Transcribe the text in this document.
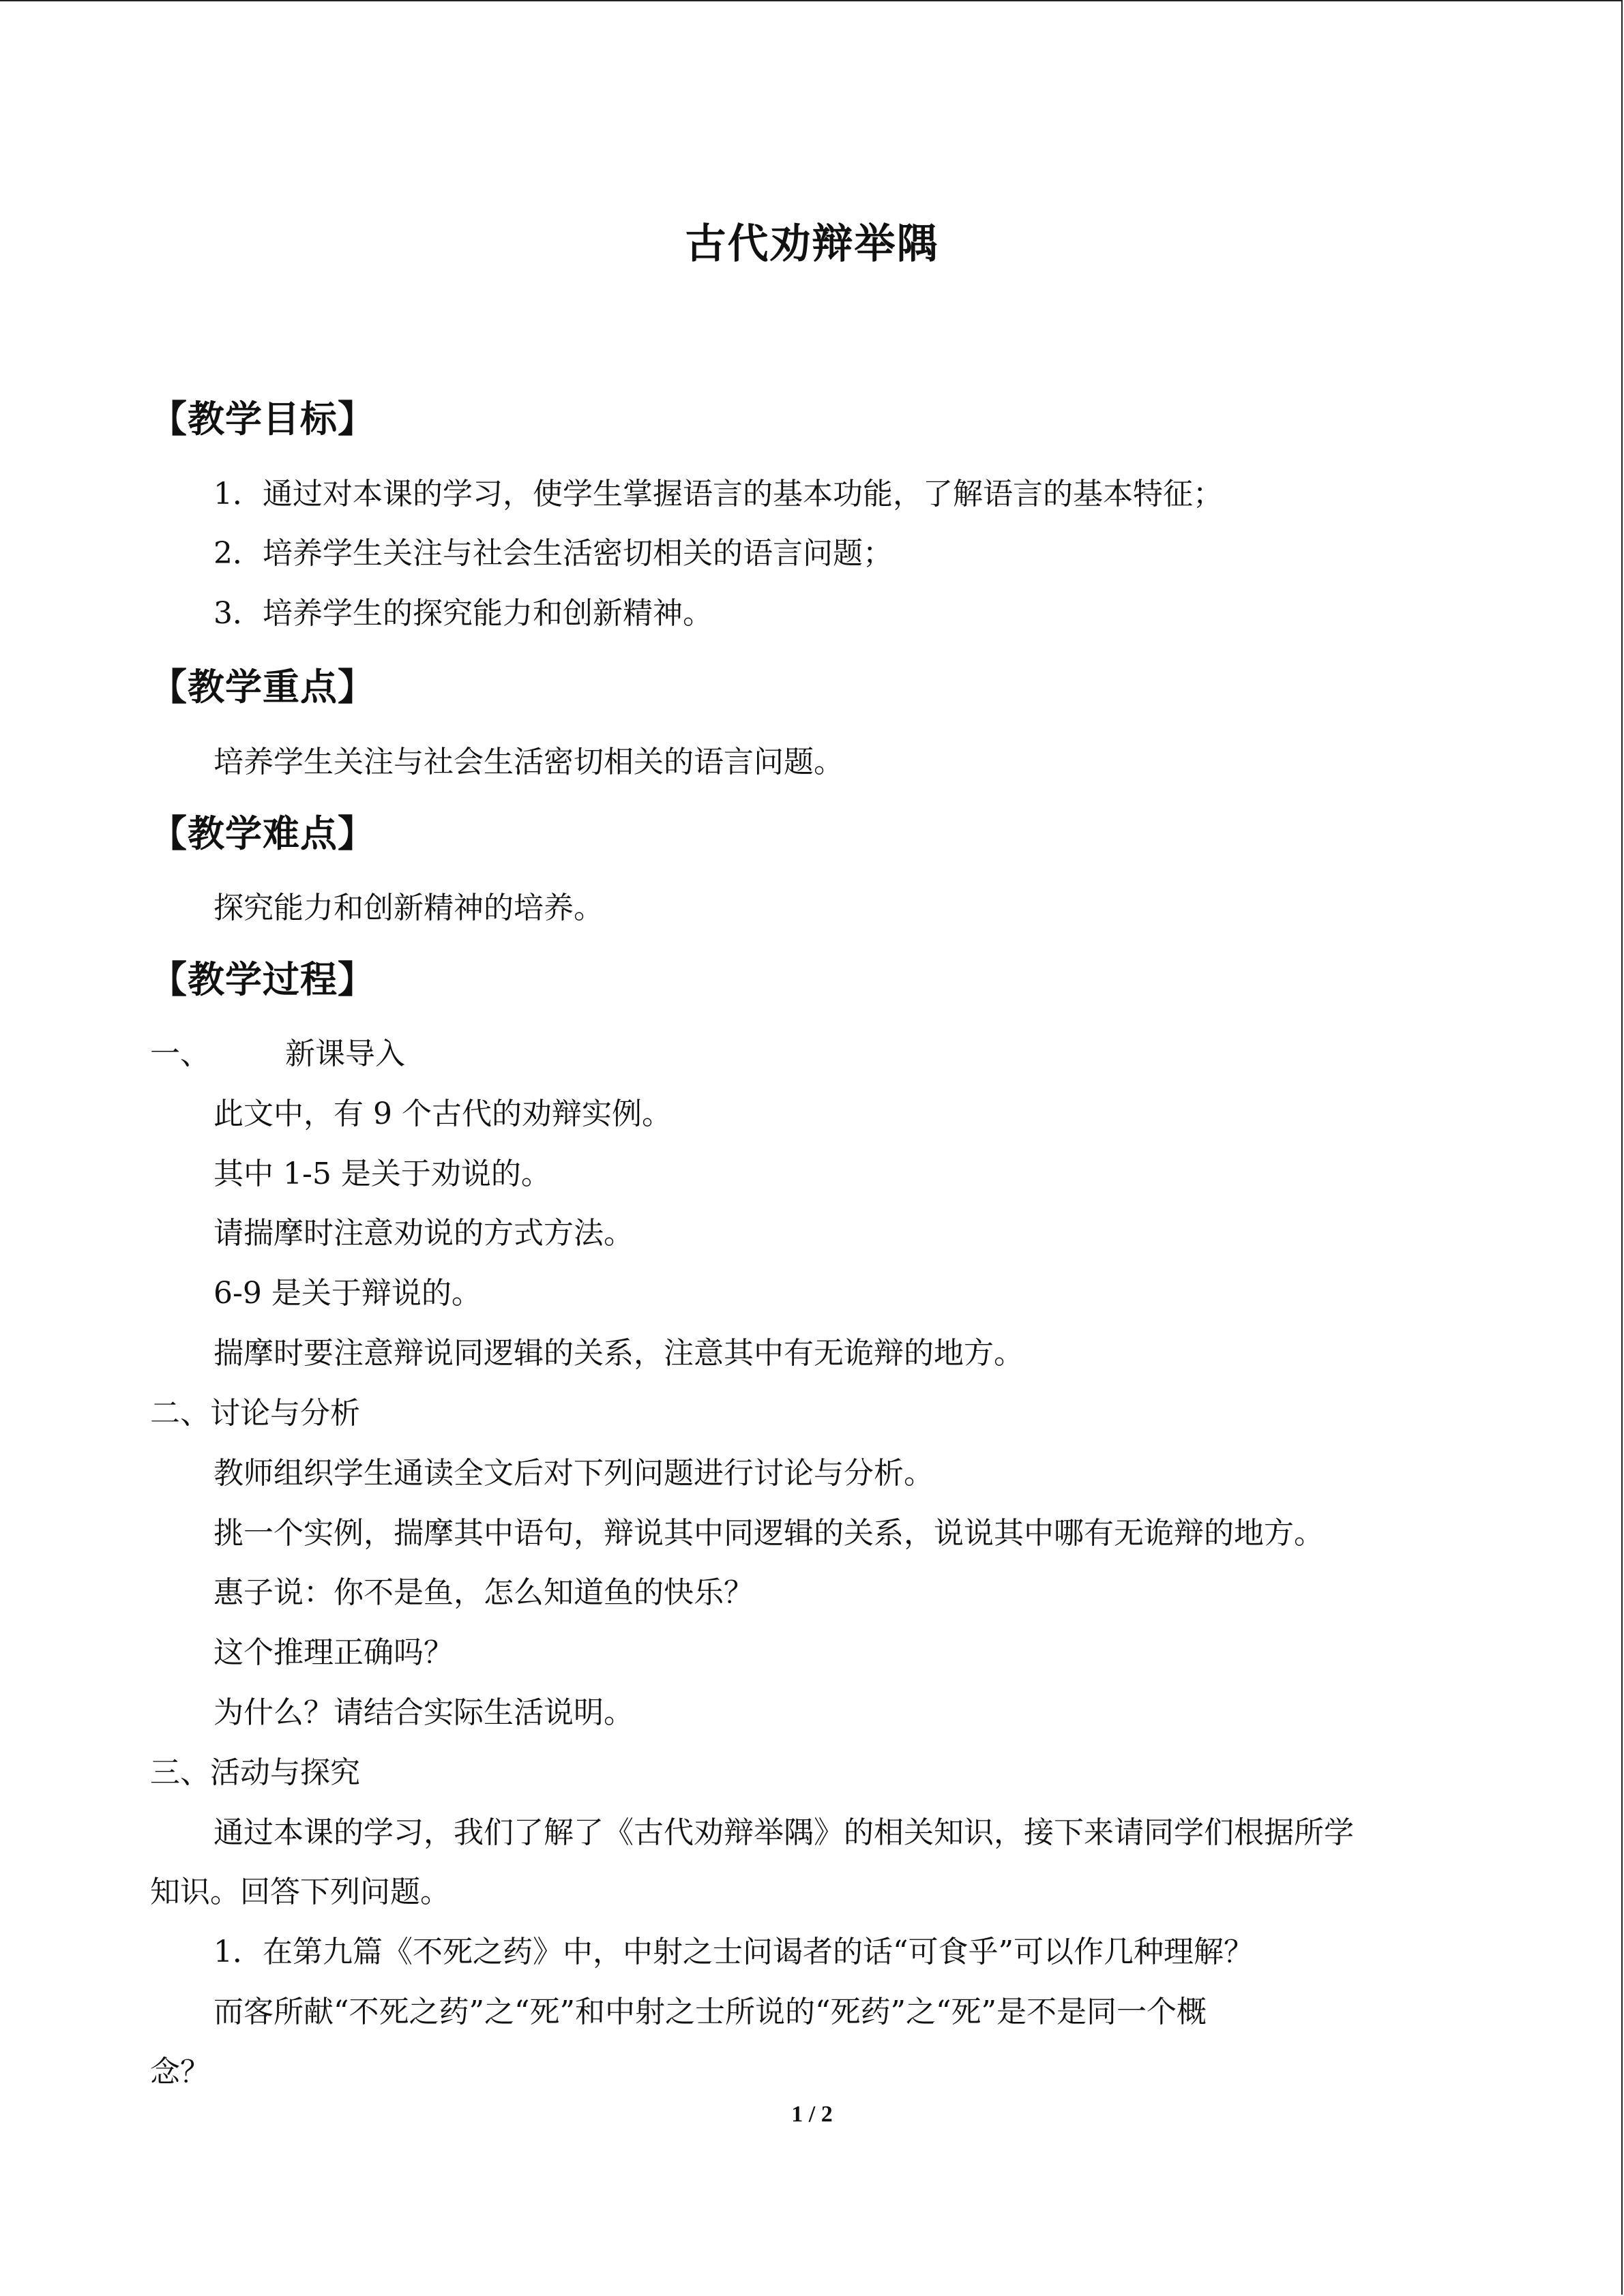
古代劝辩举隅
【教学目标】
1．通过对本课的学习，使学生掌握语言的基本功能，了解语言的基本特征；
2．培养学生关注与社会生活密切相关的语言问题；
3．培养学生的探究能力和创新精神。
【教学重点】
培养学生关注与社会生活密切相关的语言问题。
【教学难点】
探究能力和创新精神的培养。
【教学过程】
一、	新课导入
此文中，有 9 个古代的劝辩实例。
其中 1-5 是关于劝说的。
请揣摩时注意劝说的方式方法。
6-9 是关于辩说的。
揣摩时要注意辩说同逻辑的关系，注意其中有无诡辩的地方。
二、讨论与分析
教师组织学生通读全文后对下列问题进行讨论与分析。
挑一个实例，揣摩其中语句，辩说其中同逻辑的关系，说说其中哪有无诡辩的地方。
惠子说：你不是鱼，怎么知道鱼的快乐？
这个推理正确吗？
为什么？请结合实际生活说明。
三、活动与探究
通过本课的学习，我们了解了《古代劝辩举隅》的相关知识，接下来请同学们根据所学
知识。回答下列问题。
1．在第九篇《不死之药》中，中射之士问谒者的话“可食乎”可以作几种理解？
而客所献“不死之药”之“死”和中射之士所说的“死药”之“死”是不是同一个概
念？
1 / 2
